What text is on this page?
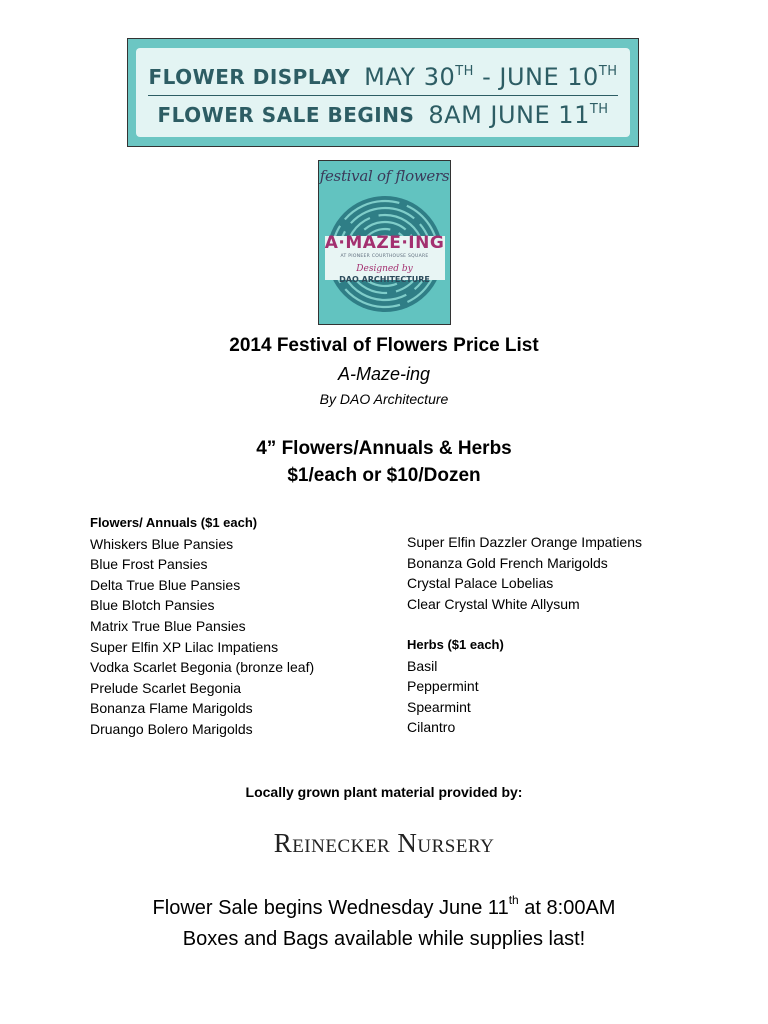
FLOWER DISPLAY MAY 30TH - JUNE 10TH
FLOWER SALE BEGINS 8AM JUNE 11TH
festival of flowers
A·MAZE·ING
AT PIONEER COURTHOUSE SQUARE
Designed by
DAO ARCHITECTURE
2014 Festival of Flowers Price List
A-Maze-ing
By DAO Architecture
4” Flowers/Annuals & Herbs
$1/each or $10/Dozen
Flowers/ Annuals ($1 each)
Whiskers Blue Pansies
Blue Frost Pansies
Delta True Blue Pansies
Blue Blotch Pansies
Matrix True Blue Pansies
Super Elfin XP Lilac Impatiens
Vodka Scarlet Begonia (bronze leaf)
Prelude Scarlet Begonia
Bonanza Flame Marigolds
Druango Bolero Marigolds
Super Elfin Dazzler Orange Impatiens
Bonanza Gold French Marigolds
Crystal Palace Lobelias
Clear Crystal White Allysum
Herbs ($1 each)
Basil
Peppermint
Spearmint
Cilantro
Locally grown plant material provided by:
Reinecker Nursery
Flower Sale begins Wednesday June 11th at 8:00AM
Boxes and Bags available while supplies last!
